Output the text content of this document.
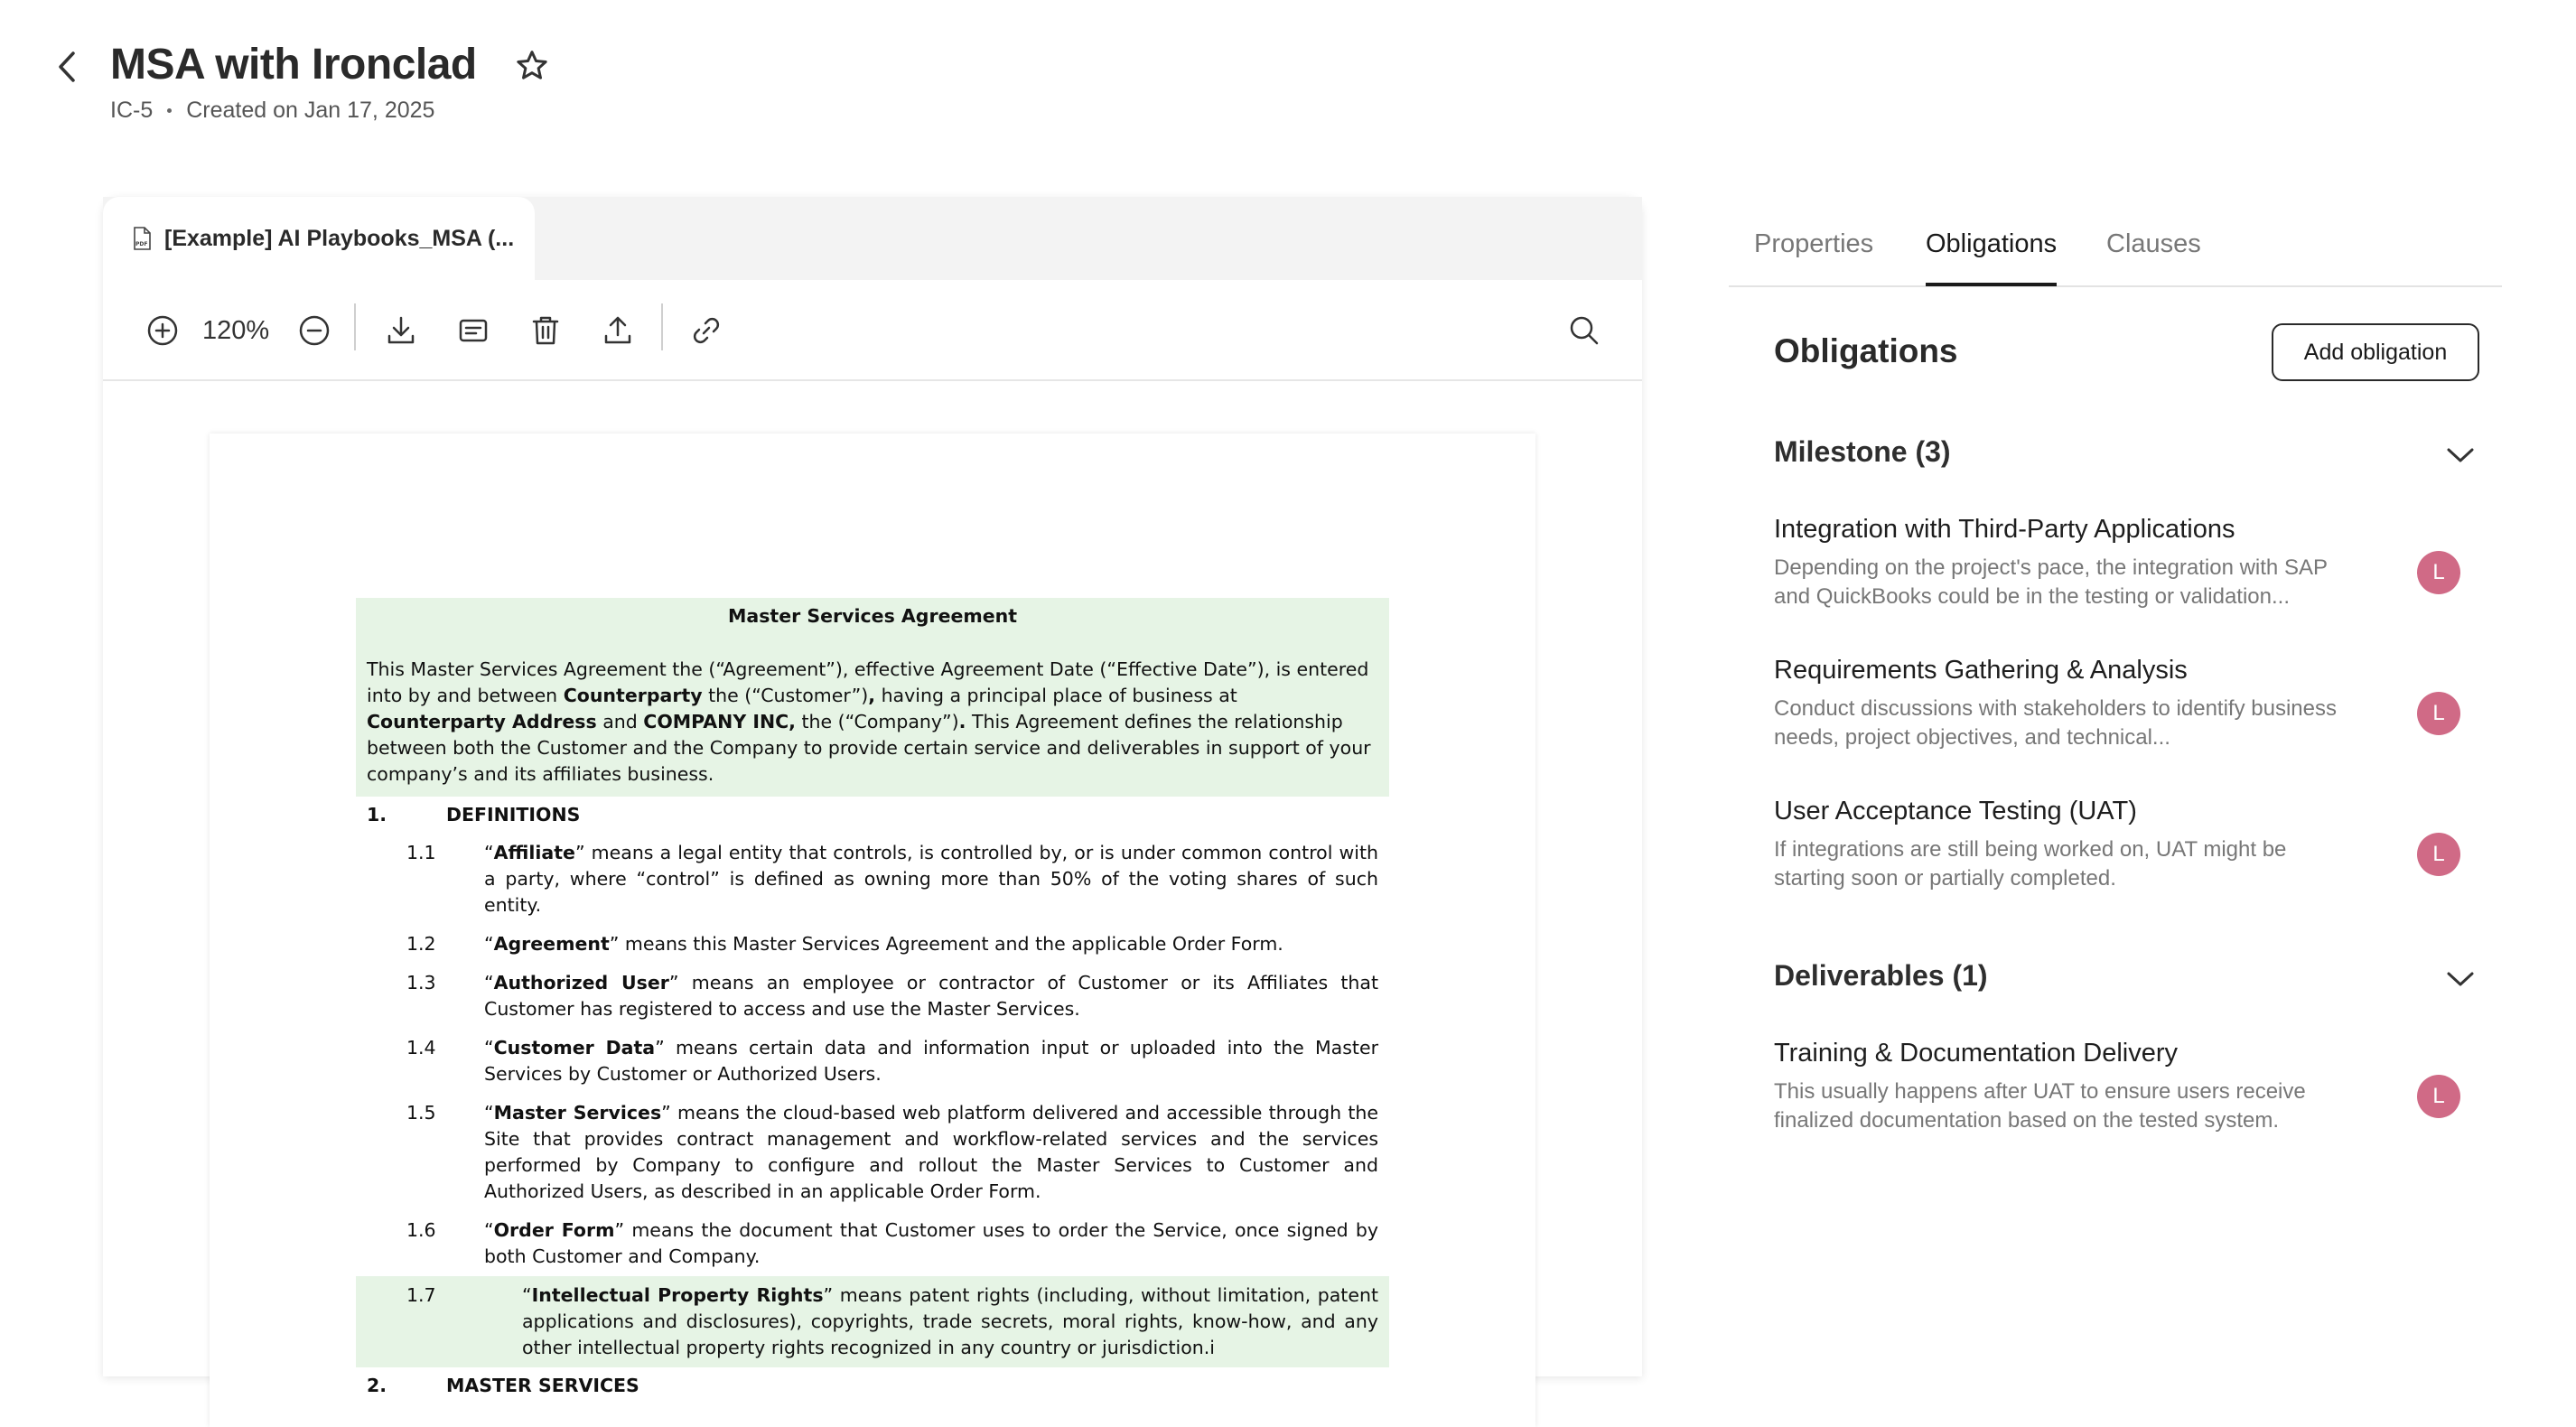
MSA with Ironclad
IC-5 Created on Jan 17, 2025
PDF [Example] AI Playbooks_MSA (...
120%
Master Services Agreement
This Master Services Agreement the (“Agreement”), effective Agreement Date (“Effective Date”), is entered into by and between Counterparty the (“Customer”), having a principal place of business at Counterparty Address and COMPANY INC, the (“Company”). This Agreement defines the relationship between both the Customer and the Company to provide certain service and deliverables in support of your company’s and its affiliates business.
1.	DEFINITIONS
1.1	“Affiliate” means a legal entity that controls, is controlled by, or is under common control with a party, where “control” is defined as owning more than 50% of the voting shares of such entity.
1.2	“Agreement” means this Master Services Agreement and the applicable Order Form.
1.3	“Authorized User” means an employee or contractor of Customer or its Affiliates that Customer has registered to access and use the Master Services.
1.4	“Customer Data” means certain data and information input or uploaded into the Master Services by Customer or Authorized Users.
1.5	“Master Services” means the cloud-based web platform delivered and accessible through the Site that provides contract management and workflow-related services and the services performed by Company to configure and rollout the Master Services to Customer and Authorized Users, as described in an applicable Order Form.
1.6	“Order Form” means the document that Customer uses to order the Service, once signed by both Customer and Company.
1.7	“Intellectual Property Rights” means patent rights (including, without limitation, patent applications and disclosures), copyrights, trade secrets, moral rights, know-how, and any other intellectual property rights recognized in any country or jurisdiction.i
2.	MASTER SERVICES
Properties Obligations Clauses
Obligations	Add obligation
Milestone (3)
Integration with Third-Party Applications
Depending on the project's pace, the integration with SAP and QuickBooks could be in the testing or validation...
L
Requirements Gathering & Analysis
Conduct discussions with stakeholders to identify business needs, project objectives, and technical...
L
User Acceptance Testing (UAT)
If integrations are still being worked on, UAT might be starting soon or partially completed.
L
Deliverables (1)
Training & Documentation Delivery
This usually happens after UAT to ensure users receive finalized documentation based on the tested system.
L
